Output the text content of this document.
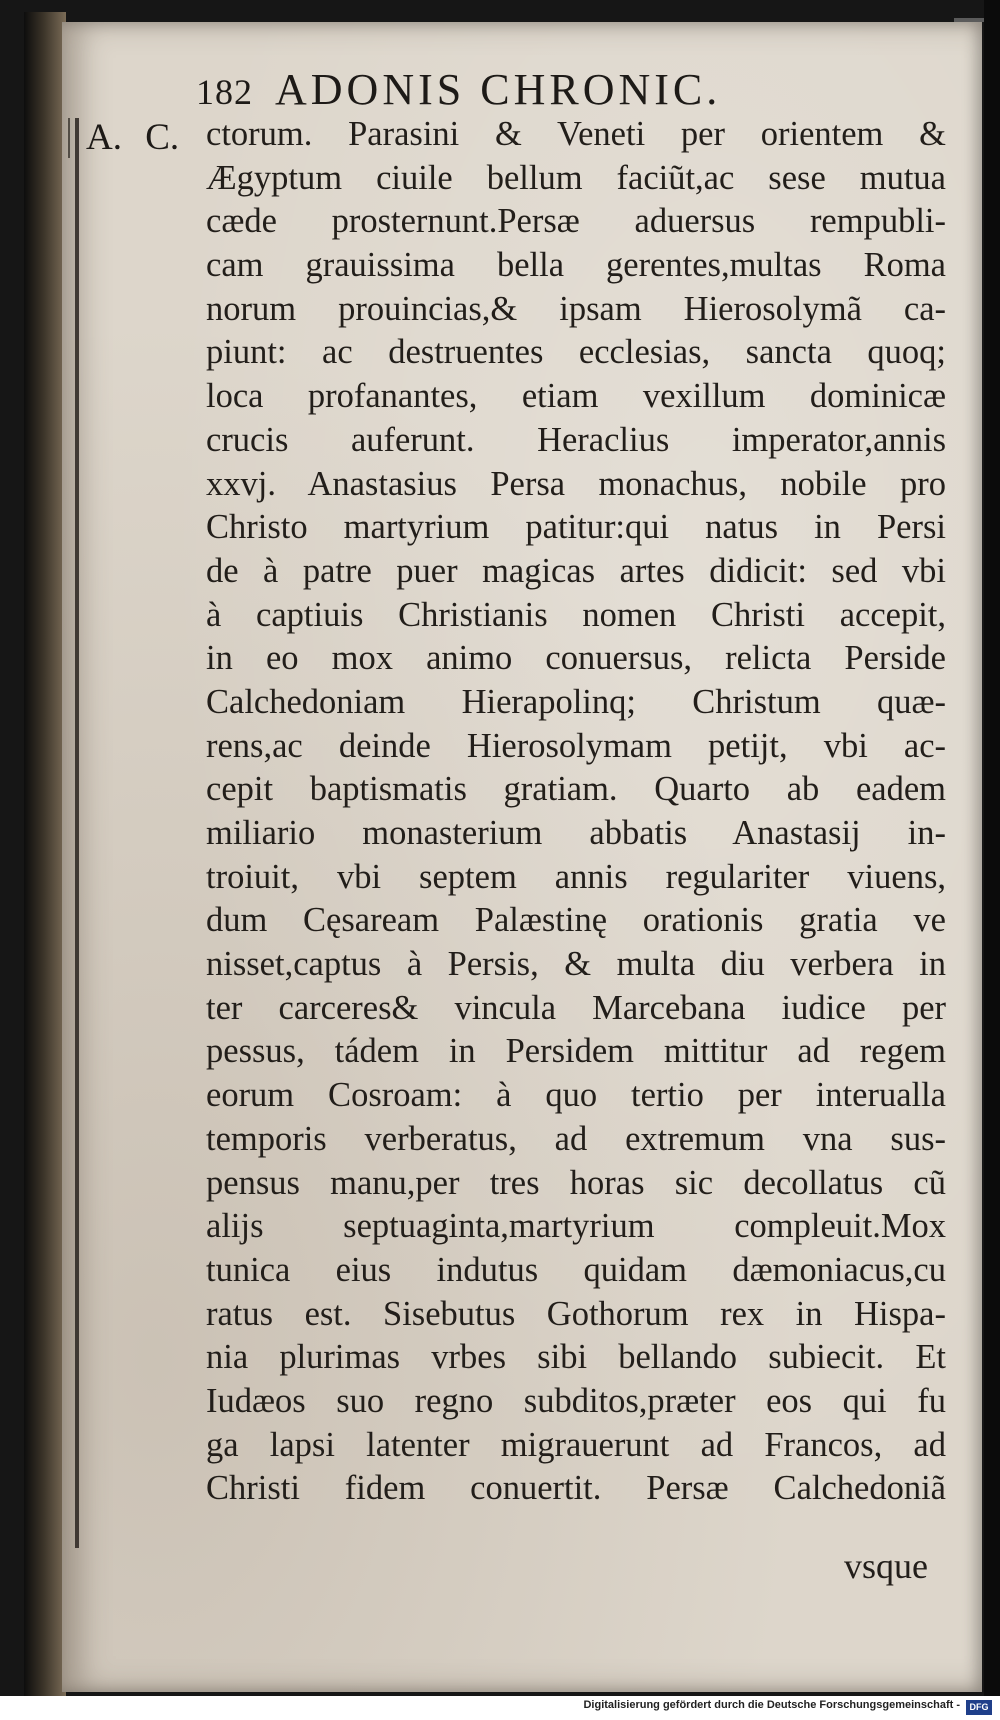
182 ADONIS CHRONIC.
A. C. ctorum. Parasini & Veneti per orientem &
Ægyptum ciuile bellum faciũt,ac sese mutua
cæde prosternunt.Persæ aduersus rempubli-
cam grauissima bella gerentes,multas Roma
norum prouincias,& ipsam Hierosolymã ca-
piunt: ac destruentes ecclesias, sancta quoq;
loca profanantes, etiam vexillum dominicæ
crucis auferunt. Heraclius imperator,annis
xxvj. Anastasius Persa monachus, nobile pro
Christo martyrium patitur:qui natus in Persi
de à patre puer magicas artes didicit: sed vbi
à captiuis Christianis nomen Christi accepit,
in eo mox animo conuersus, relicta Perside
Calchedoniam Hierapolinq; Christum quæ-
rens,ac deinde Hierosolymam petijt, vbi ac-
cepit baptismatis gratiam. Quarto ab eadem
miliario monasterium abbatis Anastasij in-
troiuit, vbi septem annis regulariter viuens,
dum Cęsaream Palæstinę orationis gratia ve
nisset,captus à Persis, & multa diu verbera in
ter carceres& vincula Marcebana iudice per
pessus, tádem in Persidem mittitur ad regem
eorum Cosroam: à quo tertio per interualla
temporis verberatus, ad extremum vna sus-
pensus manu,per tres horas sic decollatus cũ
alijs septuaginta,martyrium compleuit.Mox
tunica eius indutus quidam dæmoniacus,cu
ratus est. Sisebutus Gothorum rex in Hispa-
nia plurimas vrbes sibi bellando subiecit. Et
Iudæos suo regno subditos,præter eos qui fu
ga lapsi latenter migrauerunt ad Francos, ad
Christi fidem conuertit. Persæ Calchedoniã
vsque
Digitalisierung gefördert durch die Deutsche Forschungsgemeinschaft -	DFG
